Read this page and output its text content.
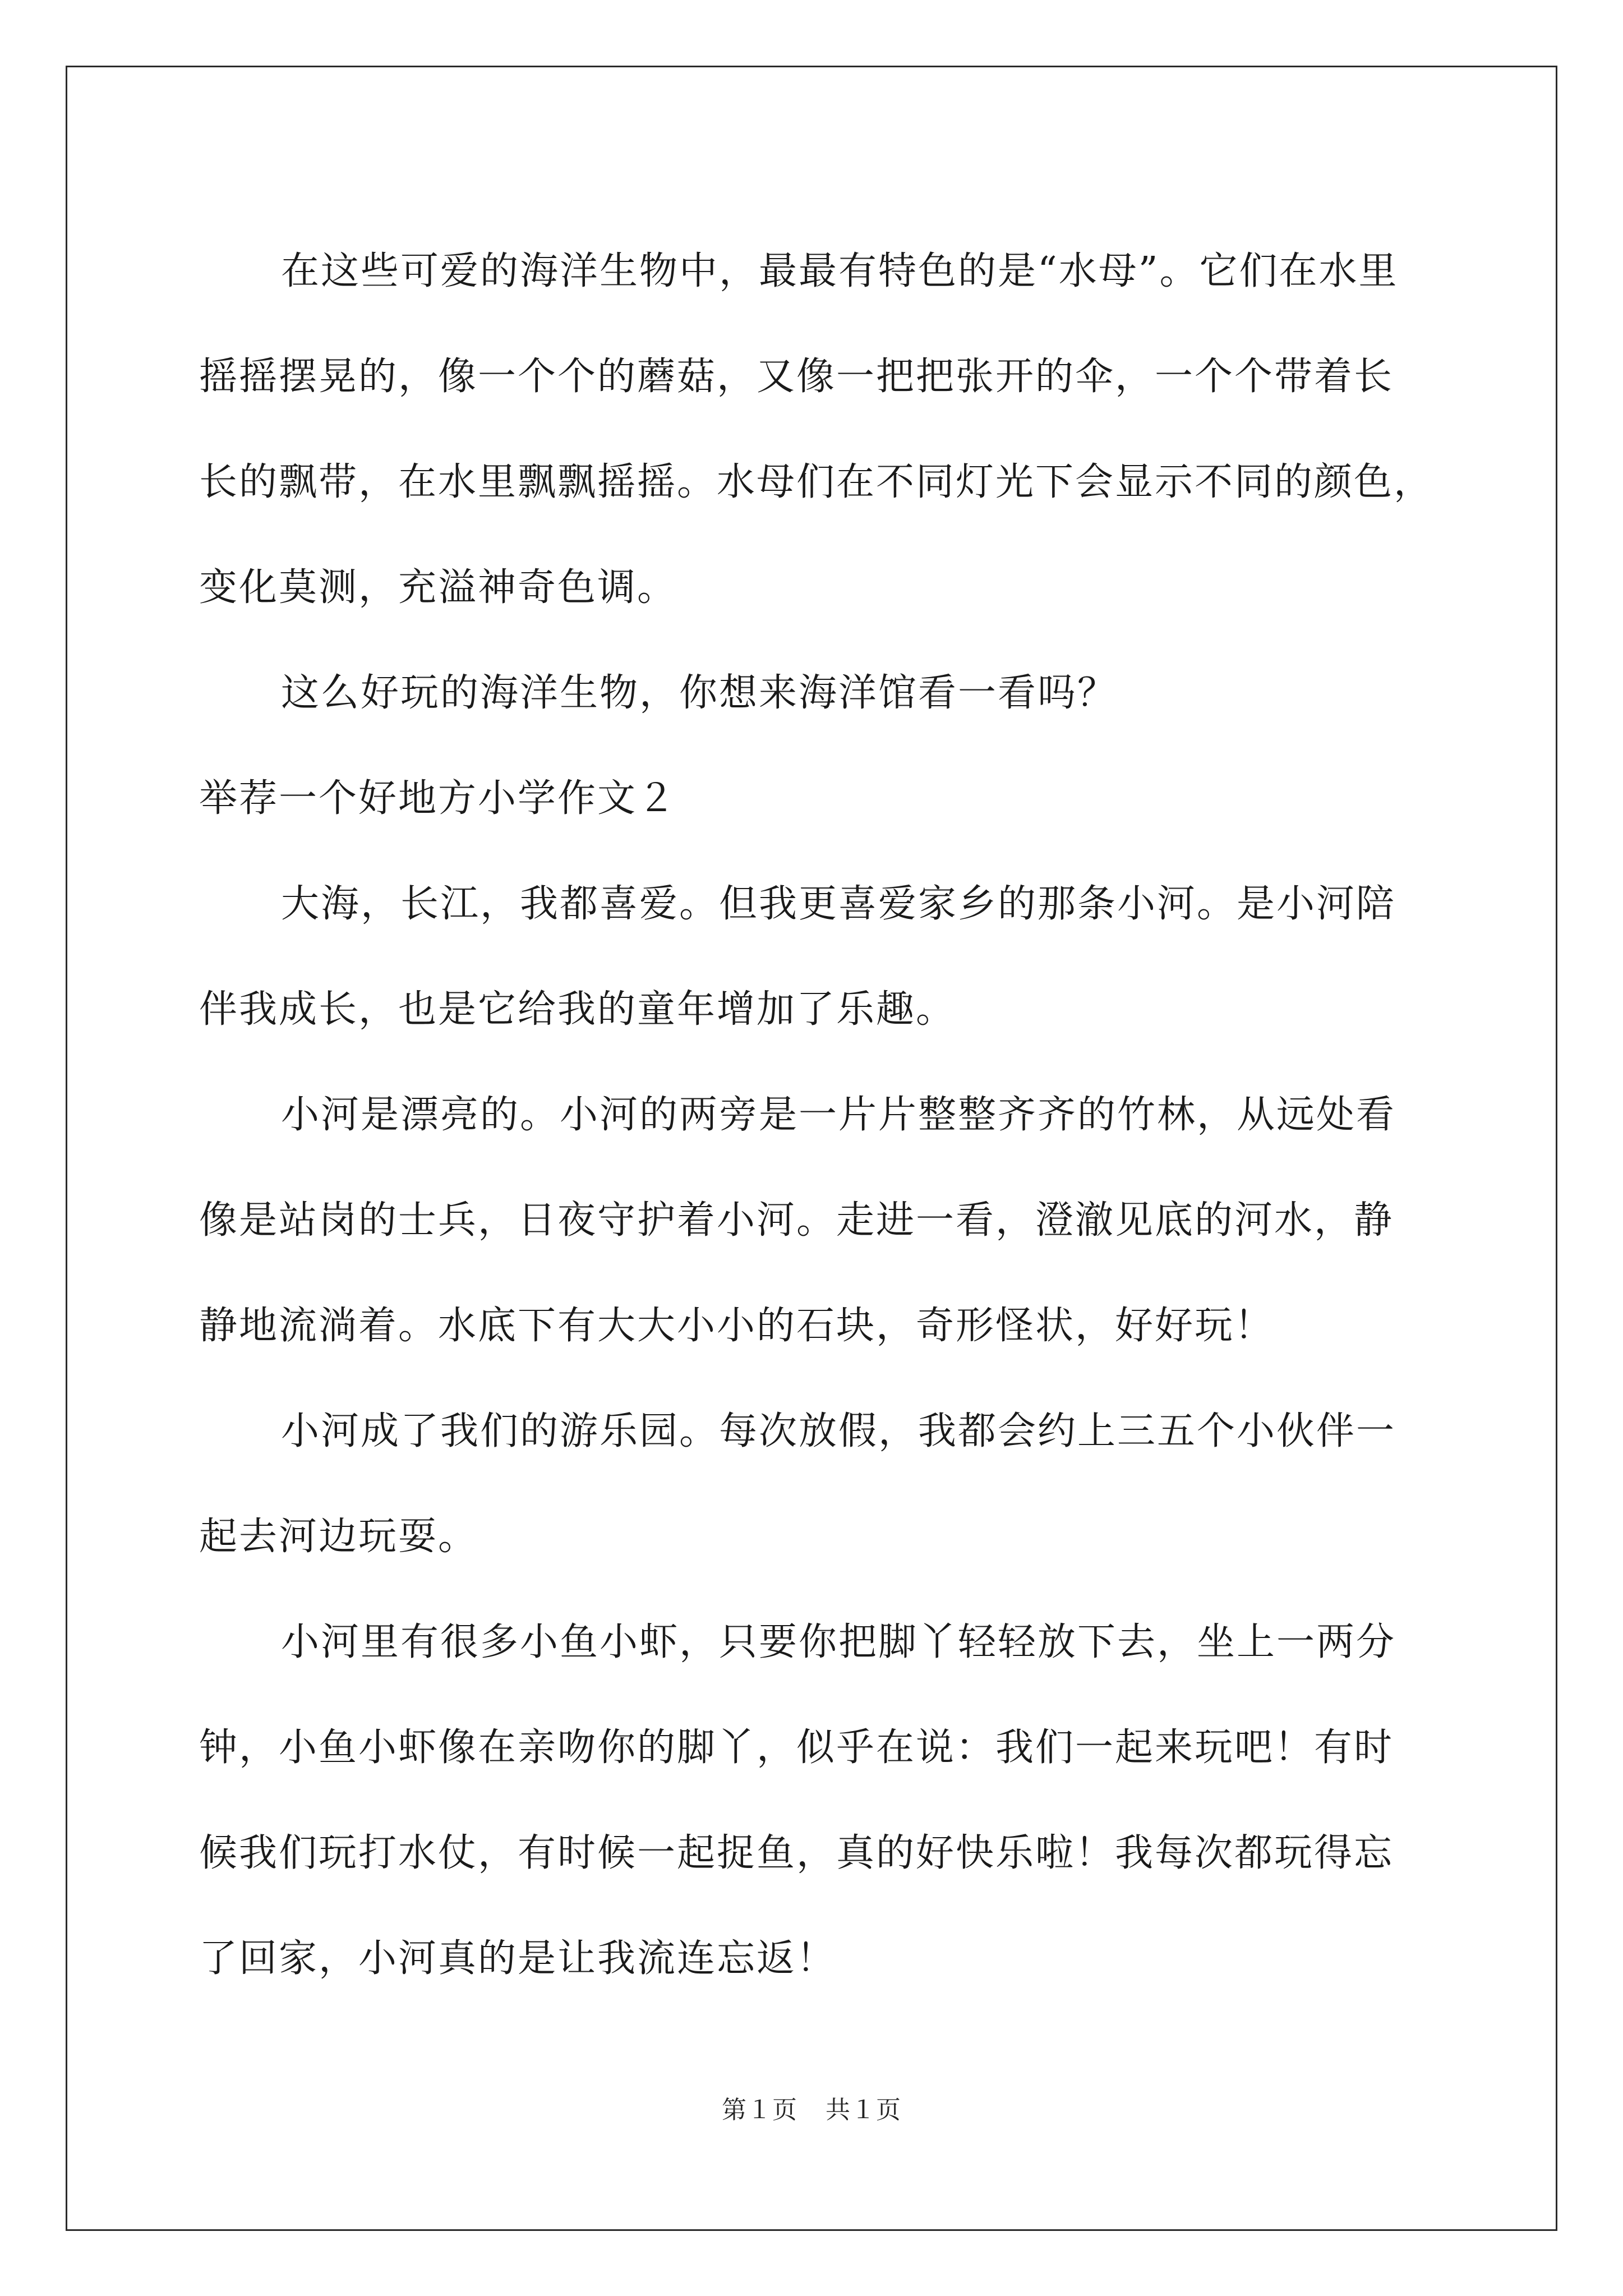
在这些可爱的海洋生物中，最最有特色的是“水母”。它们在水里
摇摇摆晃的，像一个个的蘑菇，又像一把把张开的伞，一个个带着长
长的飘带，在水里飘飘摇摇。水母们在不同灯光下会显示不同的颜色，
变化莫测，充溢神奇色调。

这么好玩的海洋生物，你想来海洋馆看一看吗？

举荐一个好地方小学作文２

大海，长江，我都喜爱。但我更喜爱家乡的那条小河。是小河陪
伴我成长，也是它给我的童年增加了乐趣。

小河是漂亮的。小河的两旁是一片片整整齐齐的竹林，从远处看
像是站岗的士兵，日夜守护着小河。走进一看，澄澈见底的河水，静
静地流淌着。水底下有大大小小的石块，奇形怪状，好好玩！

小河成了我们的游乐园。每次放假，我都会约上三五个小伙伴一
起去河边玩耍。

小河里有很多小鱼小虾，只要你把脚丫轻轻放下去，坐上一两分
钟，小鱼小虾像在亲吻你的脚丫，似乎在说：我们一起来玩吧！有时
候我们玩打水仗，有时候一起捉鱼，真的好快乐啦！我每次都玩得忘
了回家，小河真的是让我流连忘返！

第１页 共１页
